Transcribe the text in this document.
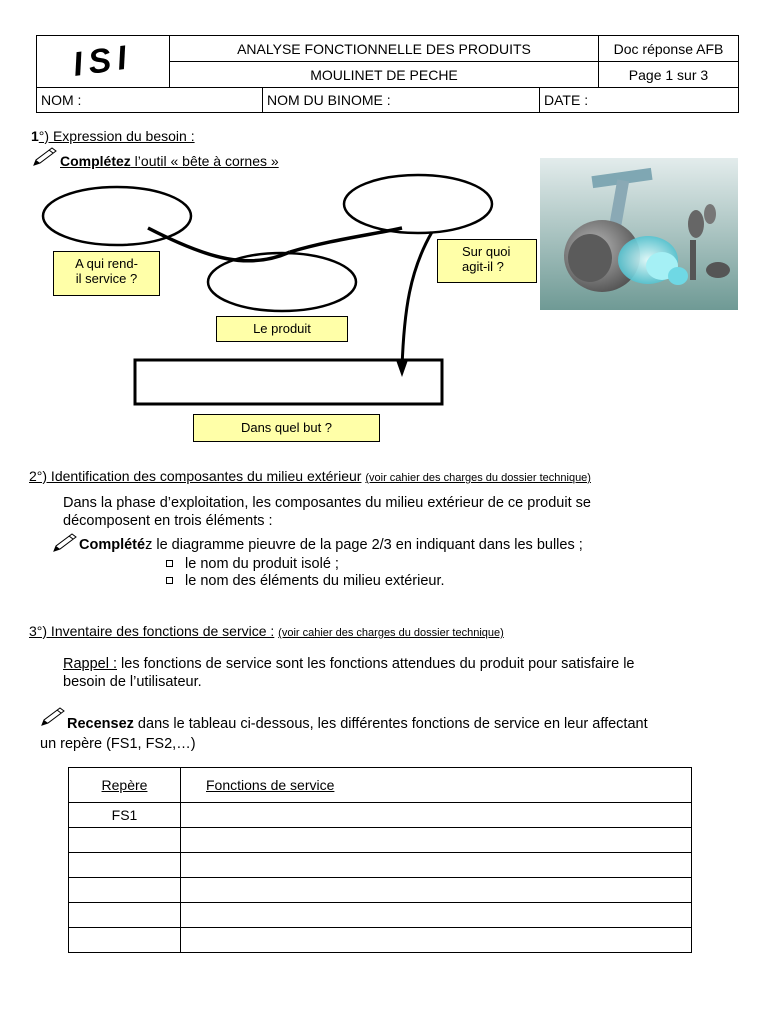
ISI	ANALYSE FONCTIONNELLE DES PRODUITS	Doc réponse AFB
MOULINET DE PECHE	Page 1 sur 3
NOM :	NOM DU BINOME :	DATE :
1°) Expression du besoin :
Complétez l’outil « bête à cornes »
A qui rend-
il service ?
Sur quoi
agit-il ?
Le produit
Dans quel but ?
2°) Identification des composantes du milieu extérieur (voir cahier des charges du dossier technique)
Dans la phase d’exploitation, les composantes du milieu extérieur de ce produit se
décomposent en trois éléments :
Complétéz le diagramme pieuvre de la page 2/3 en indiquant dans les bulles ;
le nom du produit isolé ;
le nom des éléments du milieu extérieur.
3°) Inventaire des fonctions de service : (voir cahier des charges du dossier technique)
Rappel : les fonctions de service sont les fonctions attendues du produit pour satisfaire le
besoin de l’utilisateur.
Recensez dans le tableau ci-dessous, les différentes fonctions de service en leur affectant
un repère (FS1, FS2,…)
Repère	Fonctions de service
FS1	
